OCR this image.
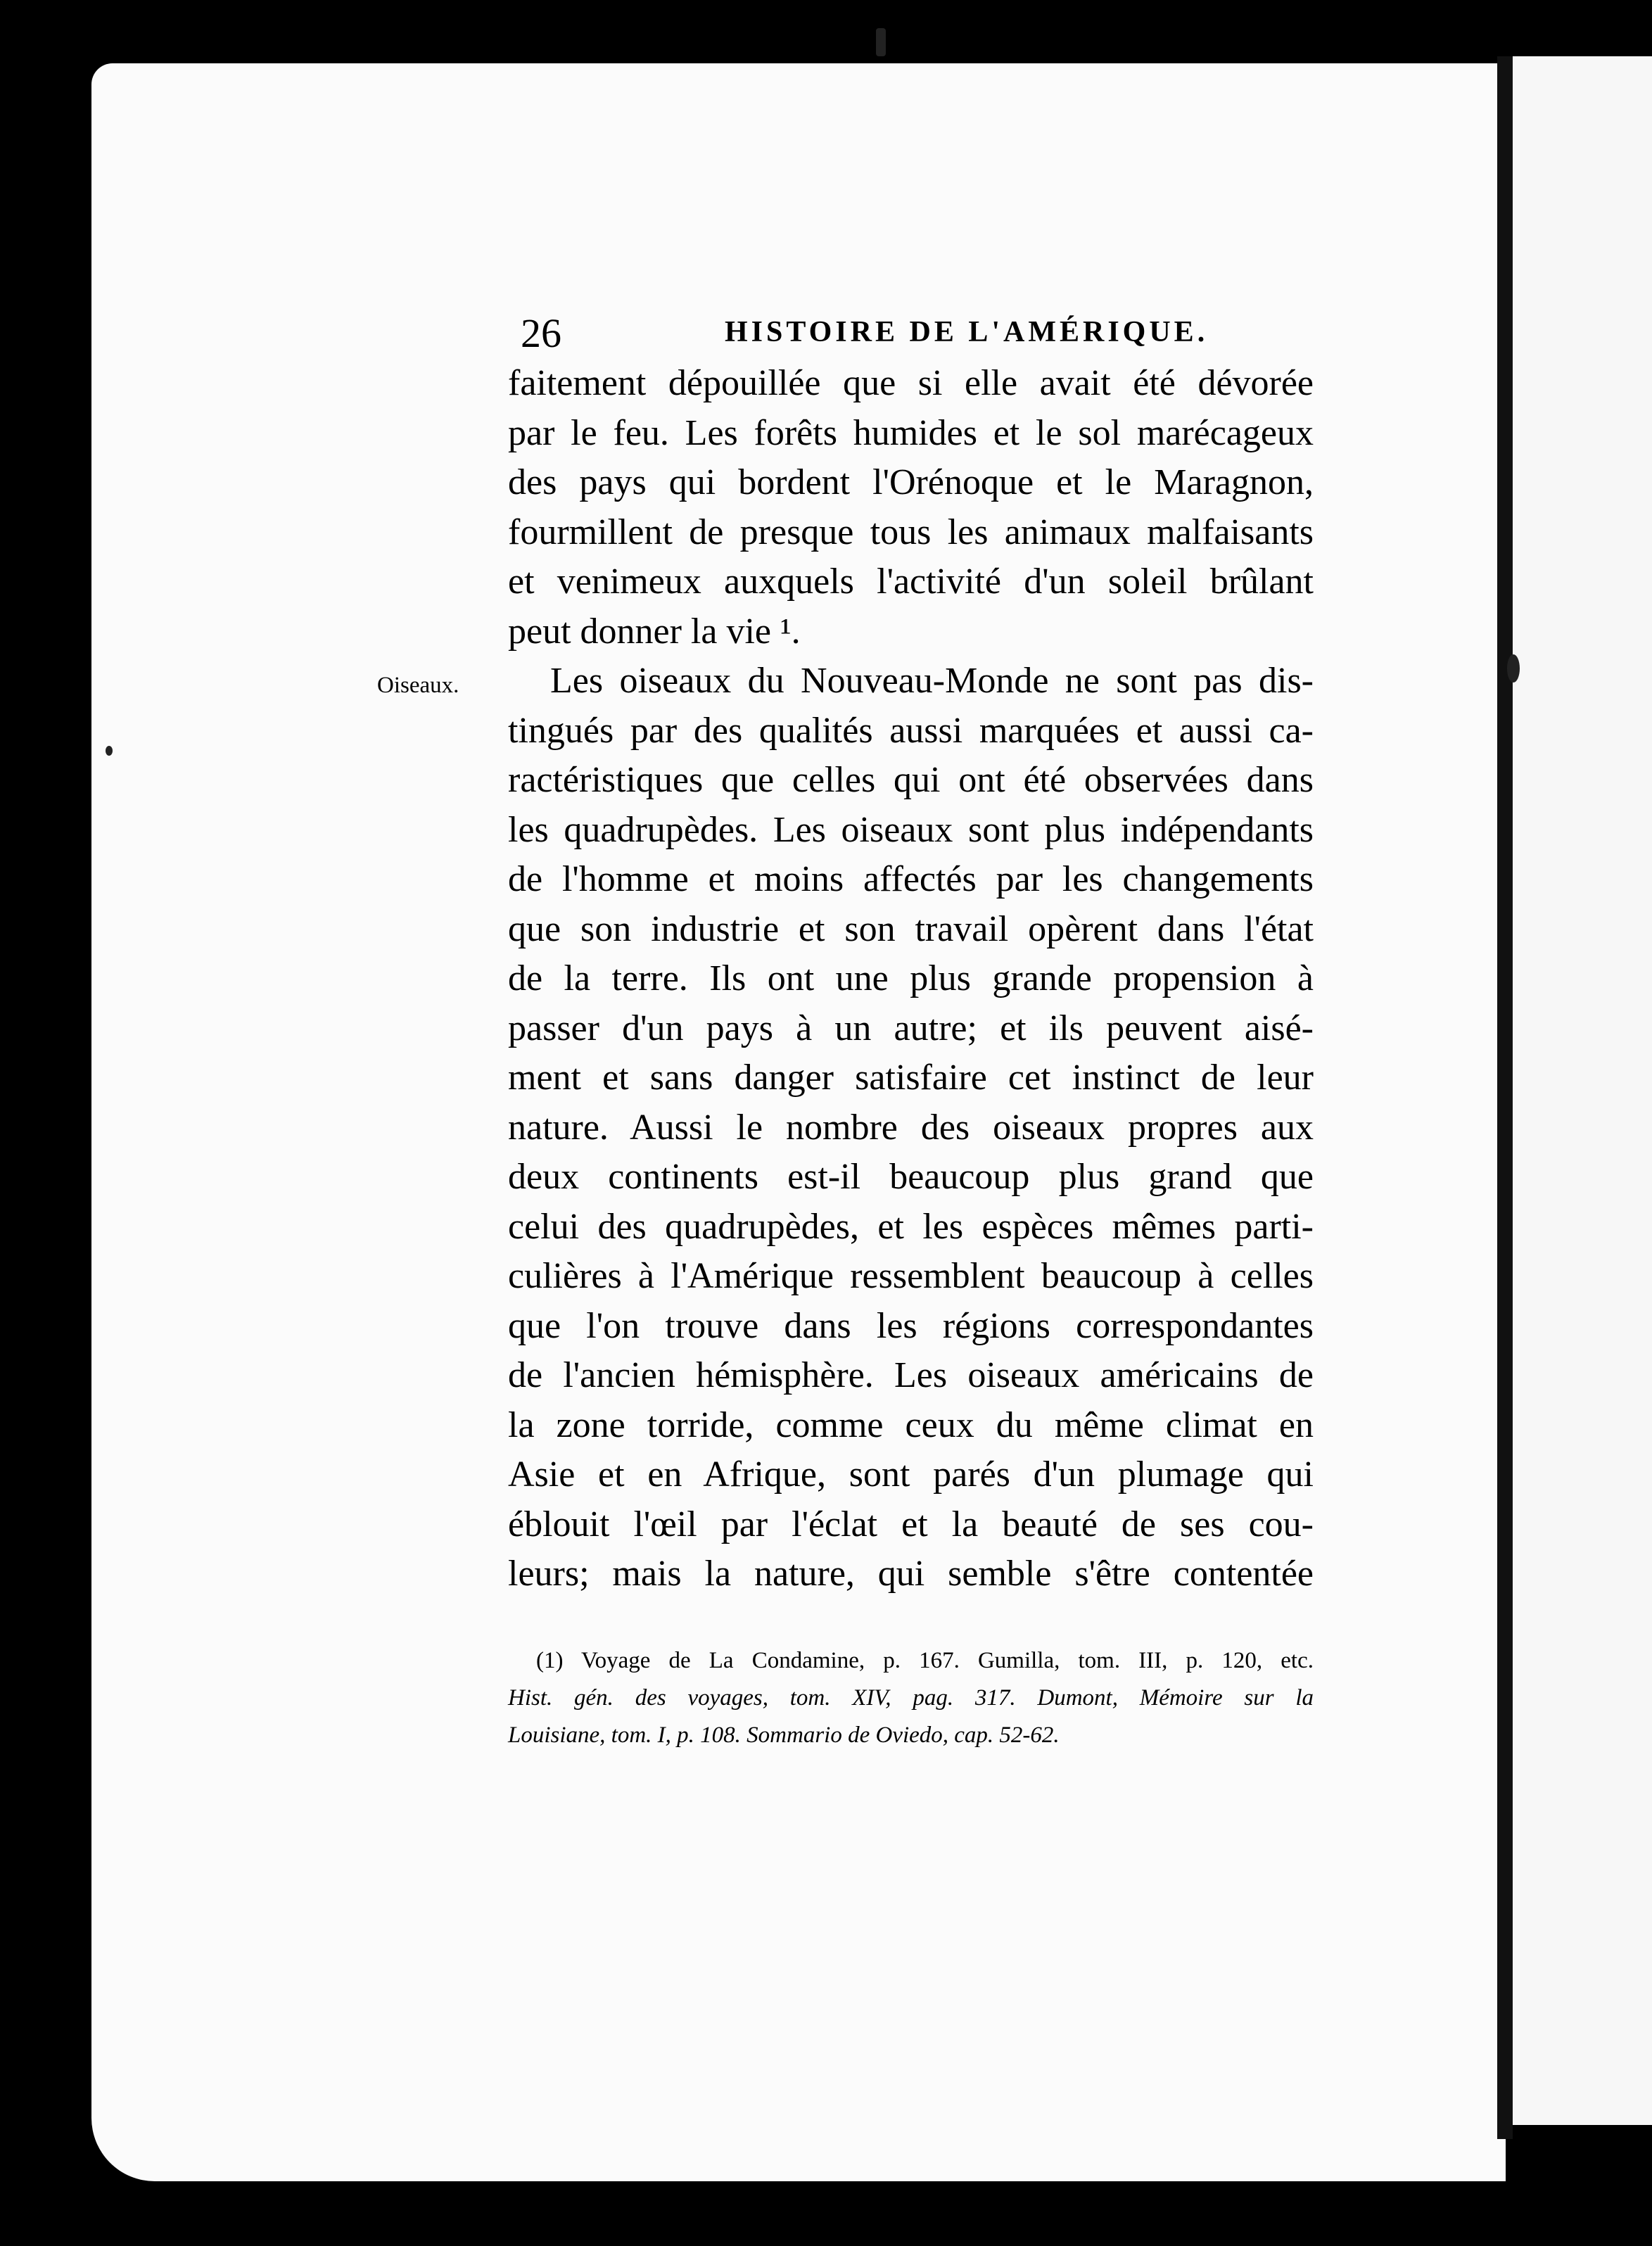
26	HISTOIRE DE L'AMÉRIQUE.
Oiseaux.
faitement dépouillée que si elle avait été dévorée
par le feu. Les forêts humides et le sol marécageux
des pays qui bordent l'Orénoque et le Maragnon,
fourmillent de presque tous les animaux malfaisants
et venimeux auxquels l'activité d'un soleil brûlant
peut donner la vie ¹.
Les oiseaux du Nouveau-Monde ne sont pas dis-
tingués par des qualités aussi marquées et aussi ca-
ractéristiques que celles qui ont été observées dans
les quadrupèdes. Les oiseaux sont plus indépendants
de l'homme et moins affectés par les changements
que son industrie et son travail opèrent dans l'état
de la terre. Ils ont une plus grande propension à
passer d'un pays à un autre; et ils peuvent aisé-
ment et sans danger satisfaire cet instinct de leur
nature. Aussi le nombre des oiseaux propres aux
deux continents est-il beaucoup plus grand que
celui des quadrupèdes, et les espèces mêmes parti-
culières à l'Amérique ressemblent beaucoup à celles
que l'on trouve dans les régions correspondantes
de l'ancien hémisphère. Les oiseaux américains de
la zone torride, comme ceux du même climat en
Asie et en Afrique, sont parés d'un plumage qui
éblouit l'œil par l'éclat et la beauté de ses cou-
leurs; mais la nature, qui semble s'être contentée
(1) Voyage de La Condamine, p. 167. Gumilla, tom. III, p. 120, etc.
Hist. gén. des voyages, tom. XIV, pag. 317. Dumont, Mémoire sur la
Louisiane, tom. I, p. 108. Sommario de Oviedo, cap. 52-62.
